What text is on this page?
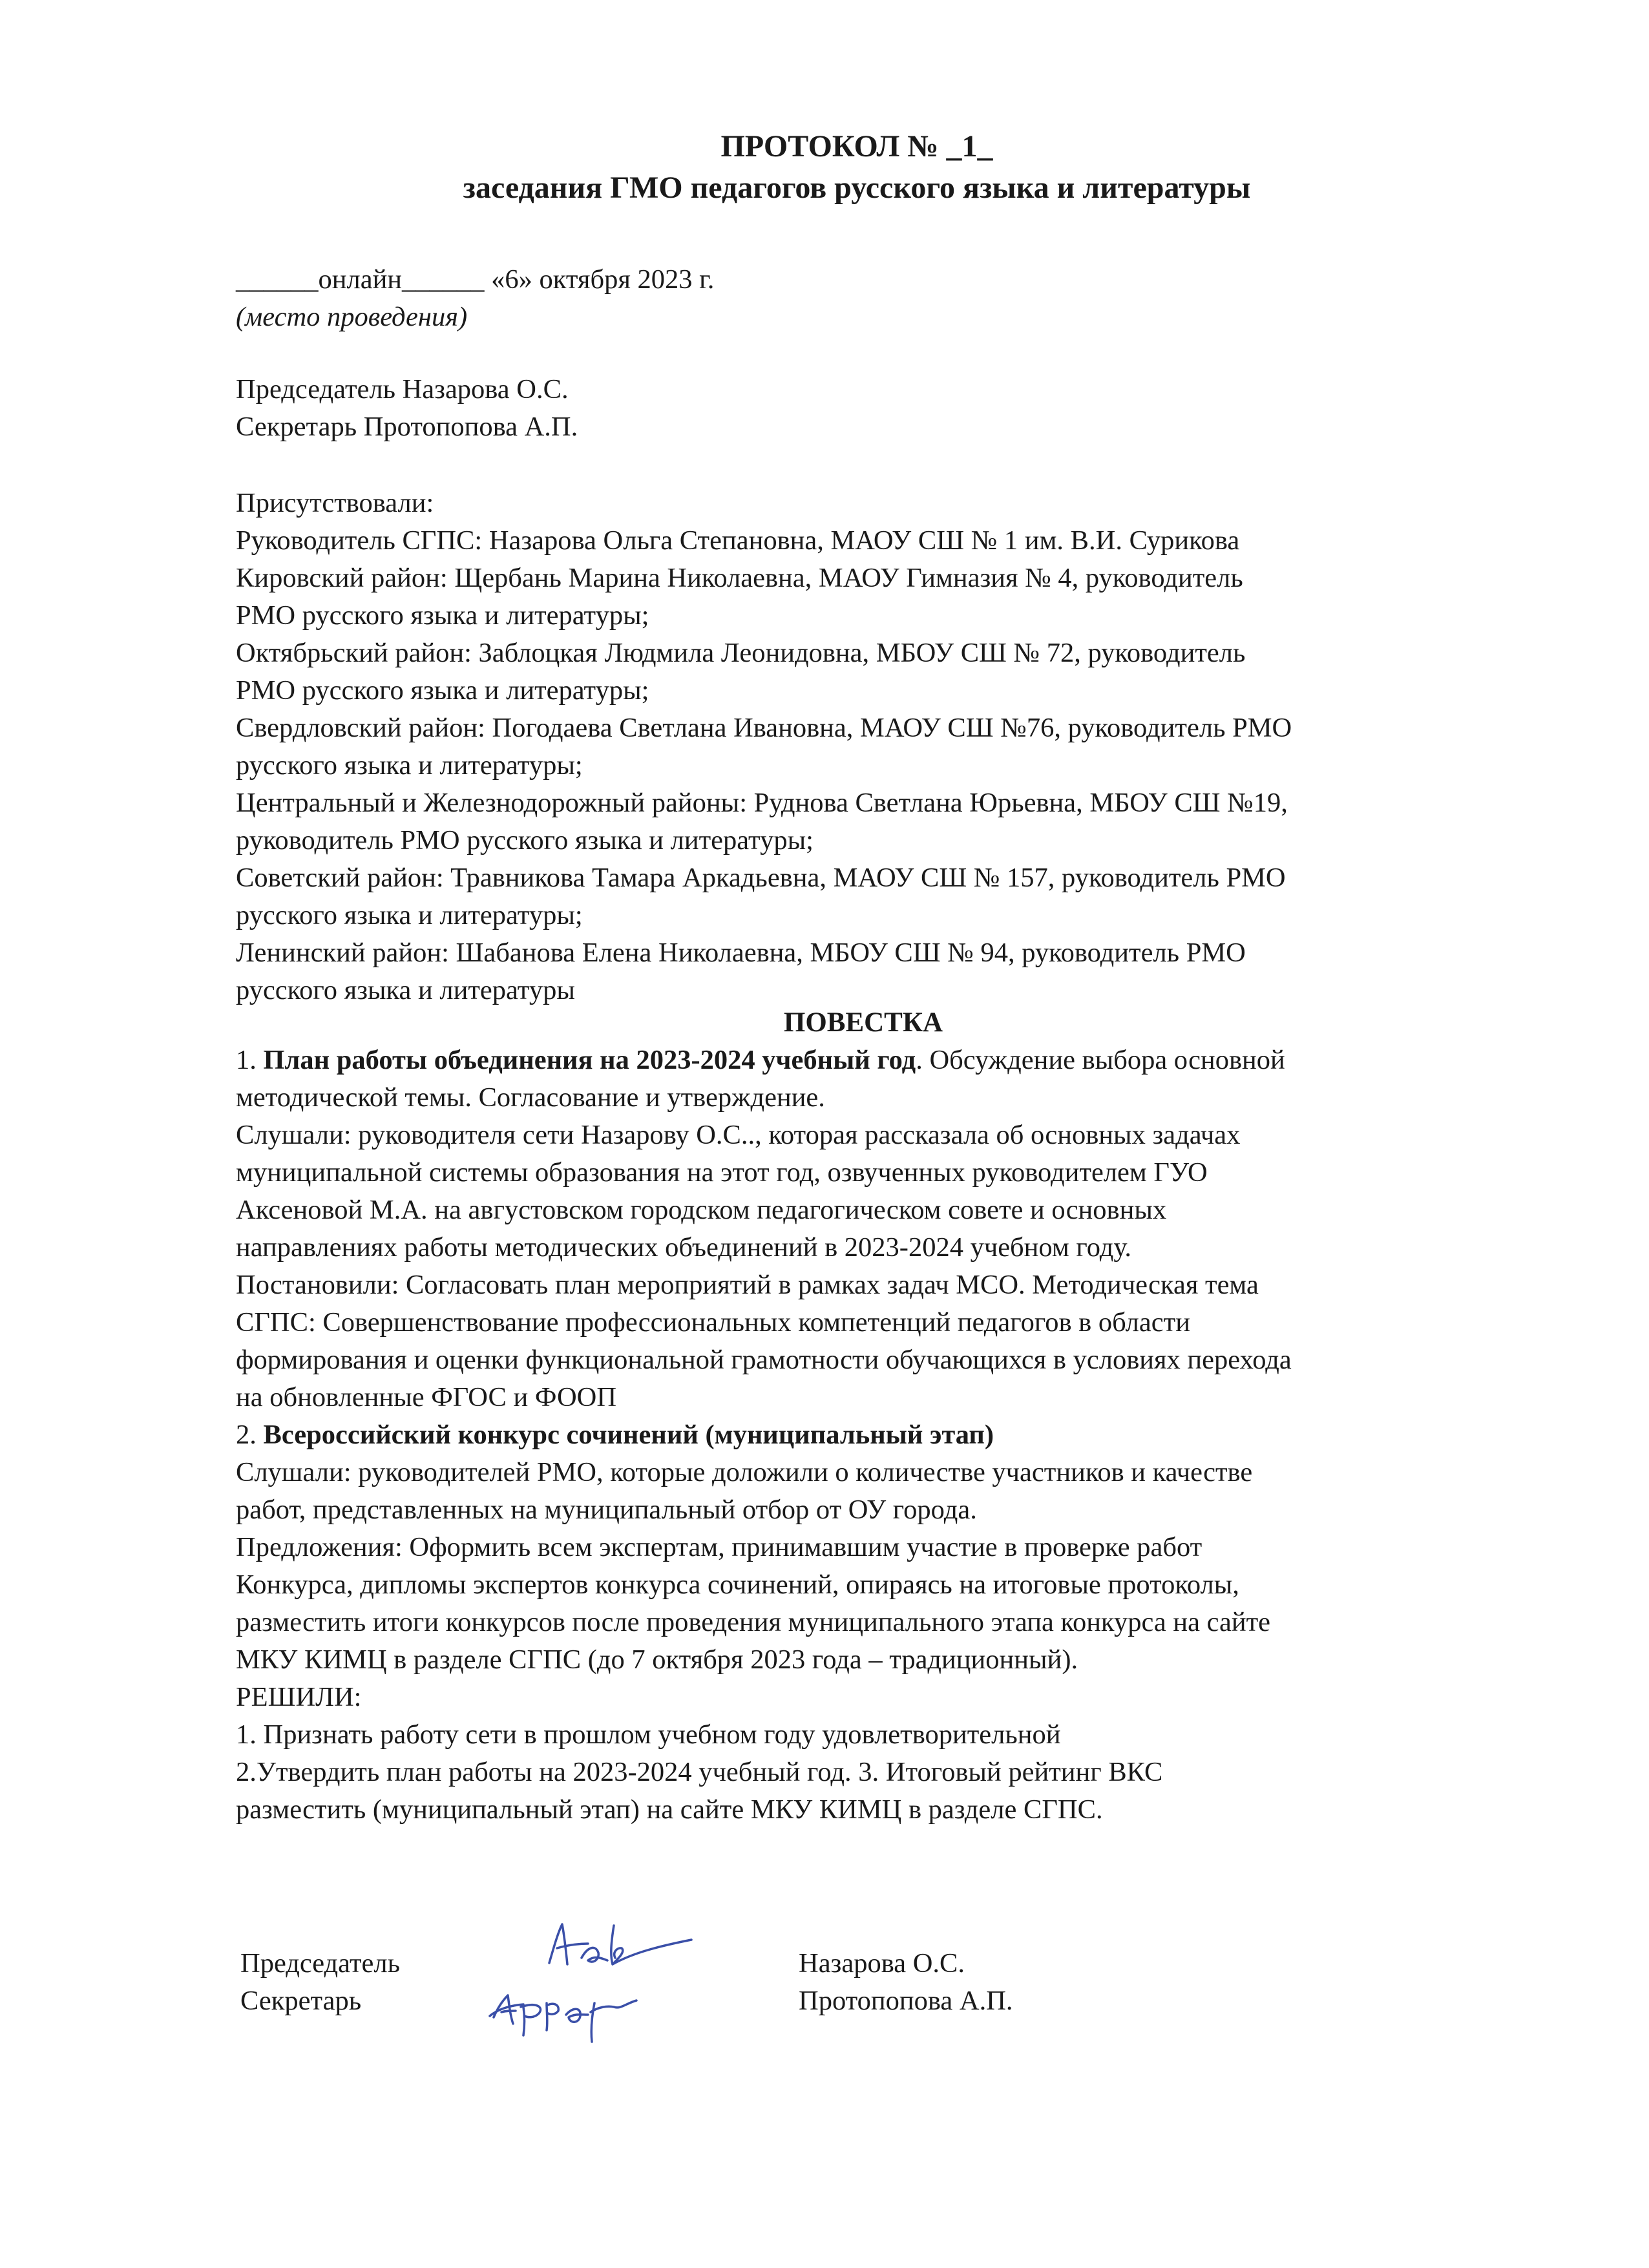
ПРОТОКОЛ № _1_
заседания ГМО педагогов русского языка и литературы

______онлайн______ «6» октября 2023 г.

(место проведения)

Председатель Назарова О.С.

Секретарь Протопопова А.П.

Присутствовали:

Руководитель СГПС: Назарова Ольга Степановна, МАОУ СШ № 1 им. В.И. Сурикова

Кировский район: Щербань Марина Николаевна, МАОУ Гимназия № 4, руководитель

РМО русского языка и литературы;

Октябрьский район: Заблоцкая Людмила Леонидовна, МБОУ СШ № 72, руководитель

РМО русского языка и литературы;

Свердловский район: Погодаева Светлана Ивановна, МАОУ СШ №76, руководитель РМО

русского языка и литературы;

Центральный и Железнодорожный районы: Руднова Светлана Юрьевна, МБОУ СШ №19,

руководитель РМО русского языка и литературы;

Советский район: Травникова Тамара Аркадьевна, МАОУ СШ № 157, руководитель РМО

русского языка и литературы;

Ленинский район: Шабанова Елена Николаевна, МБОУ СШ № 94, руководитель РМО

русского языка и литературы

ПОВЕСТКА

1. План работы объединения на 2023-2024 учебный год. Обсуждение выбора основной

методической темы. Согласование и утверждение.

Слушали: руководителя сети Назарову О.С.., которая рассказала об основных задачах

муниципальной системы образования на этот год, озвученных руководителем ГУО

Аксеновой М.А. на августовском городском педагогическом совете и основных

направлениях работы методических объединений в 2023-2024 учебном году.

Постановили: Согласовать план мероприятий в рамках задач МСО. Методическая тема

СГПС: Совершенствование профессиональных компетенций педагогов в области

формирования и оценки функциональной грамотности обучающихся в условиях перехода

на обновленные ФГОС и ФООП

2. Всероссийский конкурс сочинений (муниципальный этап)

Слушали: руководителей РМО, которые доложили о количестве участников и качестве

работ, представленных на муниципальный отбор от ОУ города.

Предложения: Оформить всем экспертам, принимавшим участие в проверке работ

Конкурса, дипломы экспертов конкурса сочинений, опираясь на итоговые протоколы,

разместить итоги конкурсов после проведения муниципального этапа конкурса на сайте

МКУ КИМЦ в разделе СГПС (до 7 октября 2023 года – традиционный).

РЕШИЛИ:

1. Признать работу сети в прошлом учебном году удовлетворительной

2.Утвердить план работы на 2023-2024 учебный год. 3. Итоговый рейтинг ВКС

разместить (муниципальный этап) на сайте МКУ КИМЦ в разделе СГПС.

Председатель
Секретарь
Назарова О.С.
Протопопова А.П.
